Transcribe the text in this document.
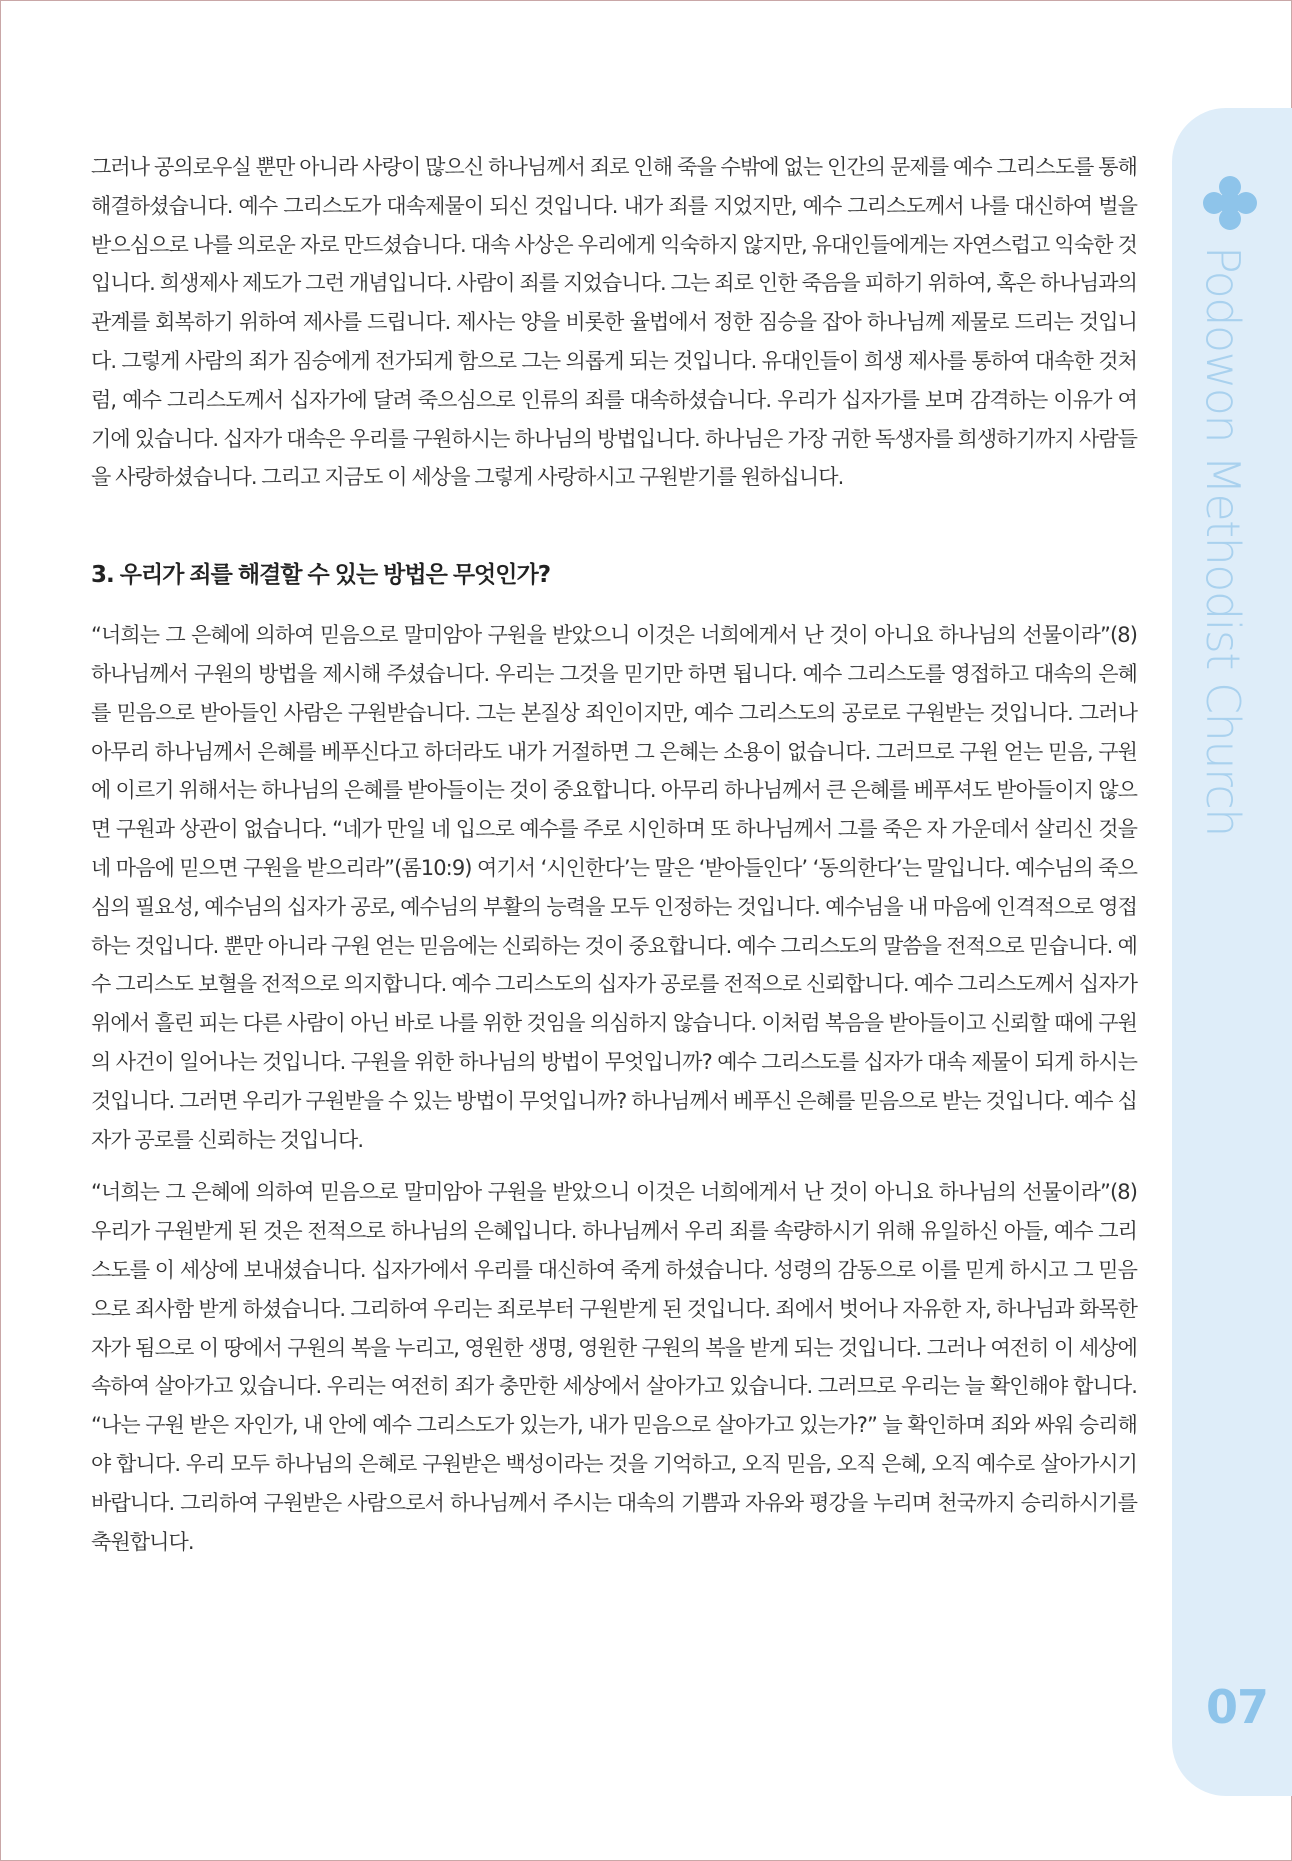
그러나 공의로우실 뿐만 아니라 사랑이 많으신 하나님께서 죄로 인해 죽을 수밖에 없는 인간의 문제를 예수 그리스도를 통해 해결하셨습니다. 예수 그리스도가 대속제물이 되신 것입니다. 내가 죄를 지었지만, 예수 그리스도께서 나를 대신하여 벌을 받으심으로 나를 의로운 자로 만드셨습니다. 대속 사상은 우리에게 익숙하지 않지만, 유대인들에게는 자연스럽고 익숙한 것입니다. 희생제사 제도가 그런 개념입니다. 사람이 죄를 지었습니다. 그는 죄로 인한 죽음을 피하기 위하여, 혹은 하나님과의 관계를 회복하기 위하여 제사를 드립니다. 제사는 양을 비롯한 율법에서 정한 짐승을 잡아 하나님께 제물로 드리는 것입니다. 그렇게 사람의 죄가 짐승에게 전가되게 함으로 그는 의롭게 되는 것입니다. 유대인들이 희생 제사를 통하여 대속한 것처럼, 예수 그리스도께서 십자가에 달려 죽으심으로 인류의 죄를 대속하셨습니다. 우리가 십자가를 보며 감격하는 이유가 여기에 있습니다. 십자가 대속은 우리를 구원하시는 하나님의 방법입니다. 하나님은 가장 귀한 독생자를 희생하기까지 사람들을 사랑하셨습니다. 그리고 지금도 이 세상을 그렇게 사랑하시고 구원받기를 원하십니다.

3. 우리가 죄를 해결할 수 있는 방법은 무엇인가?

“너희는 그 은혜에 의하여 믿음으로 말미암아 구원을 받았으니 이것은 너희에게서 난 것이 아니요 하나님의 선물이라”(8) 하나님께서 구원의 방법을 제시해 주셨습니다. 우리는 그것을 믿기만 하면 됩니다. 예수 그리스도를 영접하고 대속의 은혜를 믿음으로 받아들인 사람은 구원받습니다. 그는 본질상 죄인이지만, 예수 그리스도의 공로로 구원받는 것입니다. 그러나 아무리 하나님께서 은혜를 베푸신다고 하더라도 내가 거절하면 그 은혜는 소용이 없습니다. 그러므로 구원 얻는 믿음, 구원에 이르기 위해서는 하나님의 은혜를 받아들이는 것이 중요합니다. 아무리 하나님께서 큰 은혜를 베푸셔도 받아들이지 않으면 구원과 상관이 없습니다. “네가 만일 네 입으로 예수를 주로 시인하며 또 하나님께서 그를 죽은 자 가운데서 살리신 것을 네 마음에 믿으면 구원을 받으리라”(롬10:9) 여기서 ‘시인한다’는 말은 ‘받아들인다’ ‘동의한다’는 말입니다. 예수님의 죽으심의 필요성, 예수님의 십자가 공로, 예수님의 부활의 능력을 모두 인정하는 것입니다. 예수님을 내 마음에 인격적으로 영접하는 것입니다. 뿐만 아니라 구원 얻는 믿음에는 신뢰하는 것이 중요합니다. 예수 그리스도의 말씀을 전적으로 믿습니다. 예수 그리스도 보혈을 전적으로 의지합니다. 예수 그리스도의 십자가 공로를 전적으로 신뢰합니다. 예수 그리스도께서 십자가 위에서 흘린 피는 다른 사람이 아닌 바로 나를 위한 것임을 의심하지 않습니다. 이처럼 복음을 받아들이고 신뢰할 때에 구원의 사건이 일어나는 것입니다. 구원을 위한 하나님의 방법이 무엇입니까? 예수 그리스도를 십자가 대속 제물이 되게 하시는 것입니다. 그러면 우리가 구원받을 수 있는 방법이 무엇입니까? 하나님께서 베푸신 은혜를 믿음으로 받는 것입니다. 예수 십자가 공로를 신뢰하는 것입니다.

“너희는 그 은혜에 의하여 믿음으로 말미암아 구원을 받았으니 이것은 너희에게서 난 것이 아니요 하나님의 선물이라”(8) 우리가 구원받게 된 것은 전적으로 하나님의 은혜입니다. 하나님께서 우리 죄를 속량하시기 위해 유일하신 아들, 예수 그리스도를 이 세상에 보내셨습니다. 십자가에서 우리를 대신하여 죽게 하셨습니다. 성령의 감동으로 이를 믿게 하시고 그 믿음으로 죄사함 받게 하셨습니다. 그리하여 우리는 죄로부터 구원받게 된 것입니다. 죄에서 벗어나 자유한 자, 하나님과 화목한 자가 됨으로 이 땅에서 구원의 복을 누리고, 영원한 생명, 영원한 구원의 복을 받게 되는 것입니다. 그러나 여전히 이 세상에 속하여 살아가고 있습니다. 우리는 여전히 죄가 충만한 세상에서 살아가고 있습니다. 그러므로 우리는 늘 확인해야 합니다. “나는 구원 받은 자인가, 내 안에 예수 그리스도가 있는가, 내가 믿음으로 살아가고 있는가?” 늘 확인하며 죄와 싸워 승리해야 합니다. 우리 모두 하나님의 은혜로 구원받은 백성이라는 것을 기억하고, 오직 믿음, 오직 은혜, 오직 예수로 살아가시기 바랍니다. 그리하여 구원받은 사람으로서 하나님께서 주시는 대속의 기쁨과 자유와 평강을 누리며 천국까지 승리하시기를 축원합니다.

Podowon Methodist Church
07
